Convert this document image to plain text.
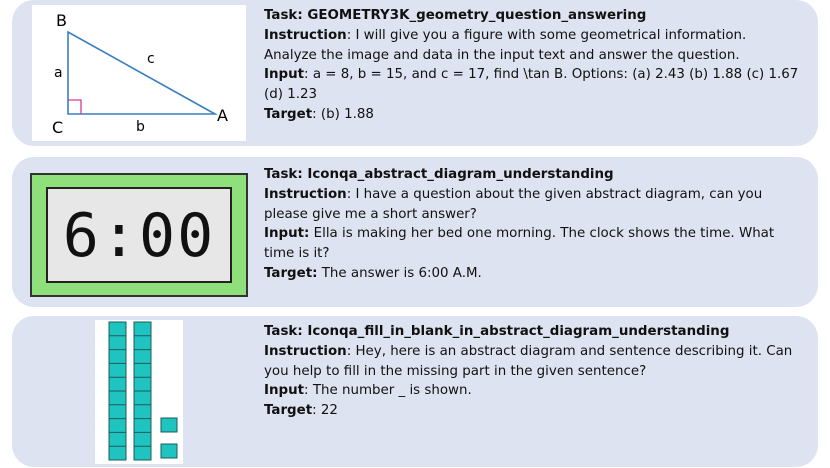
B
C
A
a
b
c
Task: GEOMETRY3K_geometry_question_answering
Instruction: I will give you a figure with some geometrical information. Analyze the image and data in the input text and answer the question.
Input: a = 8, b = 15, and c = 17, find \tan B. Options: (a) 2.43 (b) 1.88 (c) 1.67 (d) 1.23
Target: (b) 1.88
6:00
Task: Iconqa_abstract_diagram_understanding
Instruction: I have a question about the given abstract diagram, can you please give me a short answer?
Input: Ella is making her bed one morning. The clock shows the time. What time is it?
Target: The answer is 6:00 A.M.
Task: Iconqa_fill_in_blank_in_abstract_diagram_understanding
Instruction: Hey, here is an abstract diagram and sentence describing it. Can you help to fill in the missing part in the given sentence?
Input: The number _ is shown.
Target: 22
